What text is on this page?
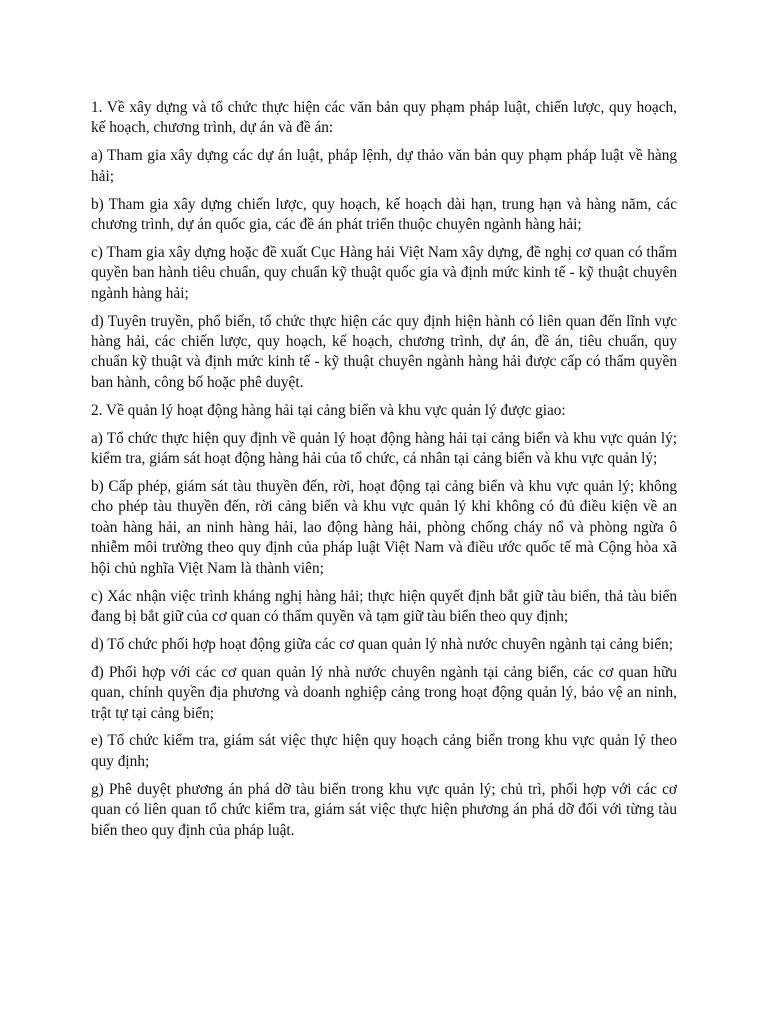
1. Về xây dựng và tổ chức thực hiện các văn bản quy phạm pháp luật, chiến lược, quy hoạch, kế hoạch, chương trình, dự án và đề án:

a) Tham gia xây dựng các dự án luật, pháp lệnh, dự thảo văn bản quy phạm pháp luật về hàng hải;

b) Tham gia xây dựng chiến lược, quy hoạch, kế hoạch dài hạn, trung hạn và hàng năm, các chương trình, dự án quốc gia, các đề án phát triển thuộc chuyên ngành hàng hải;

c) Tham gia xây dựng hoặc đề xuất Cục Hàng hải Việt Nam xây dựng, đề nghị cơ quan có thẩm quyền ban hành tiêu chuẩn, quy chuẩn kỹ thuật quốc gia và định mức kinh tế - kỹ thuật chuyên ngành hàng hải;

d) Tuyên truyền, phổ biến, tổ chức thực hiện các quy định hiện hành có liên quan đến lĩnh vực hàng hải, các chiến lược, quy hoạch, kế hoạch, chương trình, dự án, đề án, tiêu chuẩn, quy chuẩn kỹ thuật và định mức kinh tế - kỹ thuật chuyên ngành hàng hải được cấp có thẩm quyền ban hành, công bố hoặc phê duyệt.

2. Về quản lý hoạt động hàng hải tại cảng biển và khu vực quản lý được giao:

a) Tổ chức thực hiện quy định về quản lý hoạt động hàng hải tại cảng biển và khu vực quản lý; kiểm tra, giám sát hoạt động hàng hải của tổ chức, cá nhân tại cảng biển và khu vực quản lý;

b) Cấp phép, giám sát tàu thuyền đến, rời, hoạt động tại cảng biển và khu vực quản lý; không cho phép tàu thuyền đến, rời cảng biển và khu vực quản lý khi không có đủ điều kiện về an toàn hàng hải, an ninh hàng hải, lao động hàng hải, phòng chống cháy nổ và phòng ngừa ô nhiễm môi trường theo quy định của pháp luật Việt Nam và điều ước quốc tế mà Cộng hòa xã hội chủ nghĩa Việt Nam là thành viên;

c) Xác nhận việc trình kháng nghị hàng hải; thực hiện quyết định bắt giữ tàu biển, thả tàu biển đang bị bắt giữ của cơ quan có thẩm quyền và tạm giữ tàu biển theo quy định;

d) Tổ chức phối hợp hoạt động giữa các cơ quan quản lý nhà nước chuyên ngành tại cảng biển;

đ) Phối hợp với các cơ quan quản lý nhà nước chuyên ngành tại cảng biển, các cơ quan hữu quan, chính quyền địa phương và doanh nghiệp cảng trong hoạt động quản lý, bảo vệ an ninh, trật tự tại cảng biển;

e) Tổ chức kiểm tra, giám sát việc thực hiện quy hoạch cảng biển trong khu vực quản lý theo quy định;

g) Phê duyệt phương án phá dỡ tàu biển trong khu vực quản lý; chủ trì, phối hợp với các cơ quan có liên quan tổ chức kiểm tra, giám sát việc thực hiện phương án phá dỡ đối với từng tàu biển theo quy định của pháp luật.
